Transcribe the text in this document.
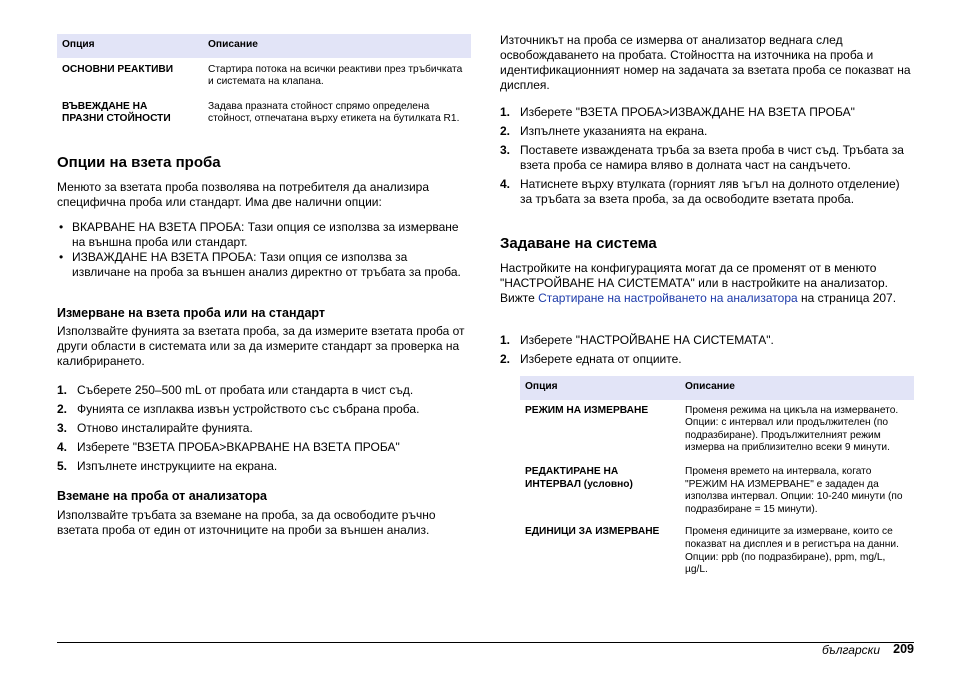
Опция	Описание
ОСНОВНИ РЕАКТИВИ	Стартира потока на всички реактиви през тръбичката и системата на клапана.
ВЪВЕЖДАНЕ НА ПРАЗНИ СТОЙНОСТИ	Задава празната стойност спрямо определена стойност, отпечатана върху етикета на бутилката R1.
Опции на взета проба

Менюто за взетата проба позволява на потребителя да анализира специфична проба или стандарт. Има две налични опции:

• ВКАРВАНЕ НА ВЗЕТА ПРОБА: Тази опция се използва за измерване на външна проба или стандарт.
• ИЗВАЖДАНЕ НА ВЗЕТА ПРОБА: Тази опция се използва за извличане на проба за външен анализ директно от тръбата за проба.
Измерване на взета проба или на стандарт

Използвайте фунията за взетата проба, за да измерите взетата проба от други области в системата или за да измерите стандарт за проверка на калибрирането.

1. Съберете 250–500 mL от пробата или стандарта в чист съд.
2. Фунията се изплаква извън устройството със събрана проба.
3. Отново инсталирайте фунията.
4. Изберете "ВЗЕТА ПРОБА>ВКАРВАНЕ НА ВЗЕТА ПРОБА"
5. Изпълнете инструкциите на екрана.
Вземане на проба от анализатора

Използвайте тръбата за вземане на проба, за да освободите ръчно взетата проба от един от източниците на проби за външен анализ.

Източникът на проба се измерва от анализатор веднага след освобождаването на пробата. Стойността на източника на проба и идентификационният номер на задачата за взетата проба се показват на дисплея.

1. Изберете "ВЗЕТА ПРОБА>ИЗВАЖДАНЕ НА ВЗЕТА ПРОБА"
2. Изпълнете указанията на екрана.
3. Поставете изваждената тръба за взета проба в чист съд. Тръбата за взета проба се намира вляво в долната част на сандъчето.
4. Натиснете върху втулката (горният ляв ъгъл на долното отделение) за тръбата за взета проба, за да освободите взетата проба.
Задаване на система

Настройките на конфигурацията могат да се променят от в менюто "НАСТРОЙВАНЕ НА СИСТЕМАТА" или в настройките на анализатор. Вижте Стартиране на настройването на анализатора на страница 207.

1. Изберете "НАСТРОЙВАНЕ НА СИСТЕМАТА".
2. Изберете едната от опциите.
Опция	Описание
РЕЖИМ НА ИЗМЕРВАНЕ	Променя режима на цикъла на измерването. Опции: с интервал или продължителен (по подразбиране). Продължителният режим измерва на приблизително всеки 9 минути.
РЕДАКТИРАНЕ НА ИНТЕРВАЛ (условно)	Променя времето на интервала, когато "РЕЖИМ НА ИЗМЕРВАНЕ" е зададен да използва интервал. Опции: 10-240 минути (по подразбиране = 15 минути).
ЕДИНИЦИ ЗА ИЗМЕРВАНЕ	Променя единиците за измерване, които се показват на дисплея и в регистъра на данни. Опции: ppb (по подразбиране), ppm, mg/L, µg/L.
български 209
